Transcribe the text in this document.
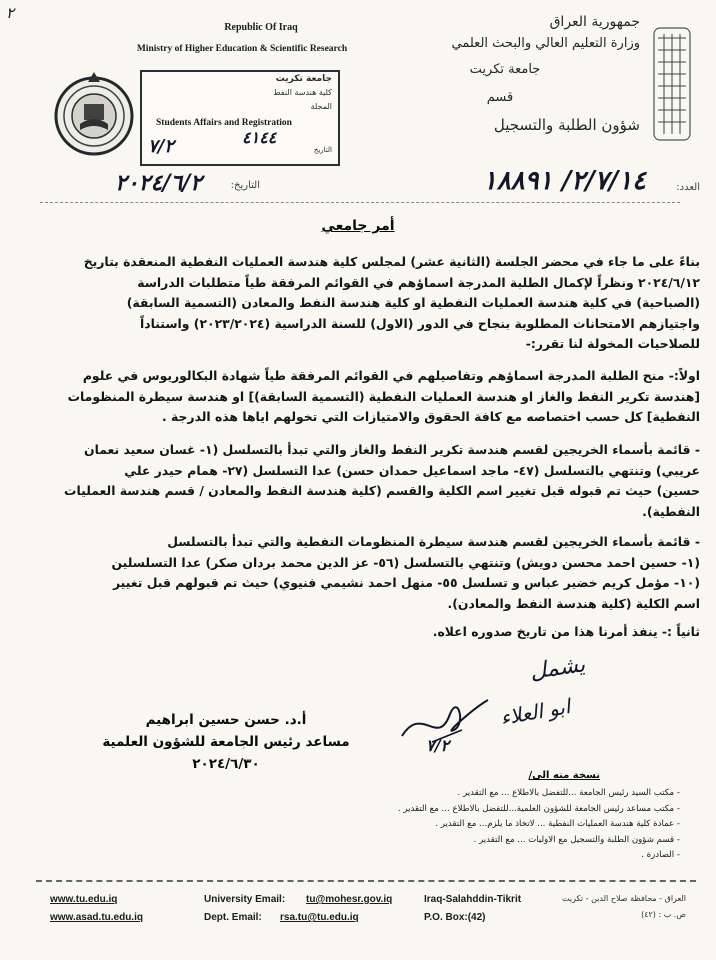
٢
Republic Of Iraq
Ministry of Higher Education & Scientific Research
جمهورية العراق
وزارة التعليم العالي والبحث العلمي
جامعة تكريت
قسم
شؤون الطلبة والتسجيل
جامعة تكريت
كلية هندسة النفط
المجلة
Students Affairs and Registration
٤١٤٤
٧/٢	التاريخ
العدد:
٢/٧/١٤/ ١٨٨٩١
التاريخ:
٢٠٢٤/٦/٢
أمر جامعي
بناءً على ما جاء في محضر الجلسة (الثانية عشر) لمجلس كلية هندسة العمليات النفطية المنعقدة بتاريخ
٢٠٢٤/٦/١٢ ونظراً لإكمال الطلبة المدرجة اسماؤهم في القوائم المرفقة طياً متطلبات الدراسة
(الصباحية) في كلية هندسة العمليات النفطية او كلية هندسة النفط والمعادن (التسمية السابقة)
واجتيازهم الامتحانات المطلوبة بنجاح في الدور (الاول) للسنة الدراسية (٢٠٢٣/٢٠٢٤) واستناداً
للصلاحيات المخولة لنا تقرر:-
اولاً:- منح الطلبة المدرجة اسماؤهم وتفاصيلهم في القوائم المرفقة طياً شهادة البكالوريوس في علوم
[هندسة تكرير النفط والغاز او هندسة العمليات النفطية (التسمية السابقة)] او هندسة سيطرة المنظومات
النفطية] كل حسب اختصاصه مع كافة الحقوق والامتيازات التي تخولهم اياها هذه الدرجة .
- قائمة بأسماء الخريجين لقسم هندسة تكرير النفط والغاز والتي تبدأ بالتسلسل (١- غسان سعيد نعمان
عريبي) وتنتهي بالتسلسل (٤٧- ماجد اسماعيل حمدان حسن) عدا التسلسل (٢٧- همام حيدر علي
حسين) حيث تم قبوله قبل تغيير اسم الكلية والقسم (كلية هندسة النفط والمعادن / قسم هندسة العمليات
النفطية).
- قائمة بأسماء الخريجين لقسم هندسة سيطرة المنظومات النفطية والتي تبدأ بالتسلسل
(١- حسين احمد محسن دويش) وتنتهي بالتسلسل (٥٦- عز الدين محمد بردان صكر) عدا التسلسلين
(١٠- مؤمل كريم خضير عباس و تسلسل ٥٥- منهل احمد نشيمي فنيوي) حيث تم قبولهم قبل تغيير
اسم الكلية (كلية هندسة النفط والمعادن).
ثانياً :- ينفذ أمرنا هذا من تاريخ صدوره اعلاه.
يشمل
ابو العلاء
٧/٢
أ.د. حسن حسين ابراهيم
مساعد رئيس الجامعة للشؤون العلمية
٢٠٢٤/٦/٣٠
نسخة منه الى/
- مكتب السيد رئيس الجامعة ...للتفضل بالاطلاع ... مع التقدير .
- مكتب مساعد رئيس الجامعة للشؤون العلمية...للتفضل بالاطلاع ... مع التقدير .
- عمادة كلية هندسة العمليات النفطية ... لاتخاذ ما يلزم... مع التقدير .
- قسم شؤون الطلبة والتسجيل مع الاوليات ... مع التقدير .
- الصادرة .
www.tu.edu.iq
www.asad.tu.edu.iq
University Email: tu@mohesr.gov.iq
Dept. Email: rsa.tu@tu.edu.iq
Iraq-Salahddin-Tikrit
P.O. Box:(42)
العراق - محافظة صلاح الدين - تكريت
ص. ب : (٤٢)
